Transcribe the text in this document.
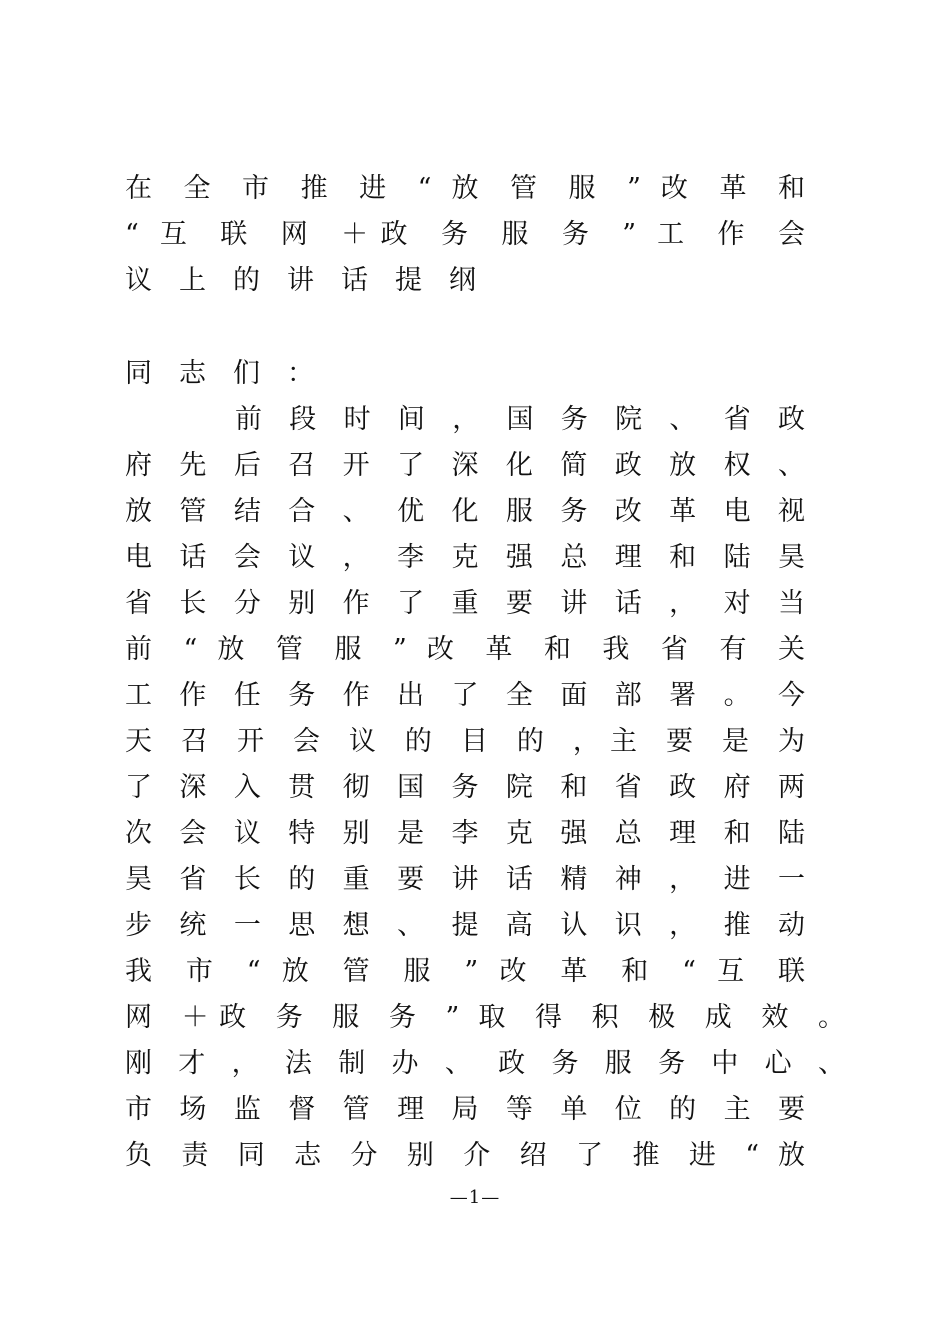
在 全 市 推 进 “ 放 管 服 ” 改 革 和
“ 互 联 网 ＋政 务 服 务 ” 工 作 会
议上的讲话提纲
同志们：
前 段 时 间 ， 国 务 院 、 省 政
府 先 后 召 开 了 深 化 简 政 放 权 、
放 管 结 合 、 优 化 服 务 改 革 电 视
电 话 会 议 ， 李 克 强 总 理 和 陆 昊
省 长 分 别 作 了 重 要 讲 话 ， 对 当
前 “ 放 管 服 ” 改 革 和 我 省 有 关
工 作 任 务 作 出 了 全 面 部 署 。 今
天 召 开 会 议 的 目 的 ，主 要 是 为
了 深 入 贯 彻 国 务 院 和 省 政 府 两
次 会 议 特 别 是 李 克 强 总 理 和 陆
昊 省 长 的 重 要 讲 话 精 神 ， 进 一
步 统 一 思 想 、 提 高 认 识 ， 推 动
我 市 “ 放 管 服 ” 改 革 和 “ 互 联
网 ＋政 务 服 务 ” 取 得 积 极 成 效 。
刚 才 ， 法 制 办 、 政 务 服 务 中 心 、
市 场 监 督 管 理 局 等 单 位 的 主 要
负 责 同 志 分 别 介 绍 了 推 进 “ 放
—1—
